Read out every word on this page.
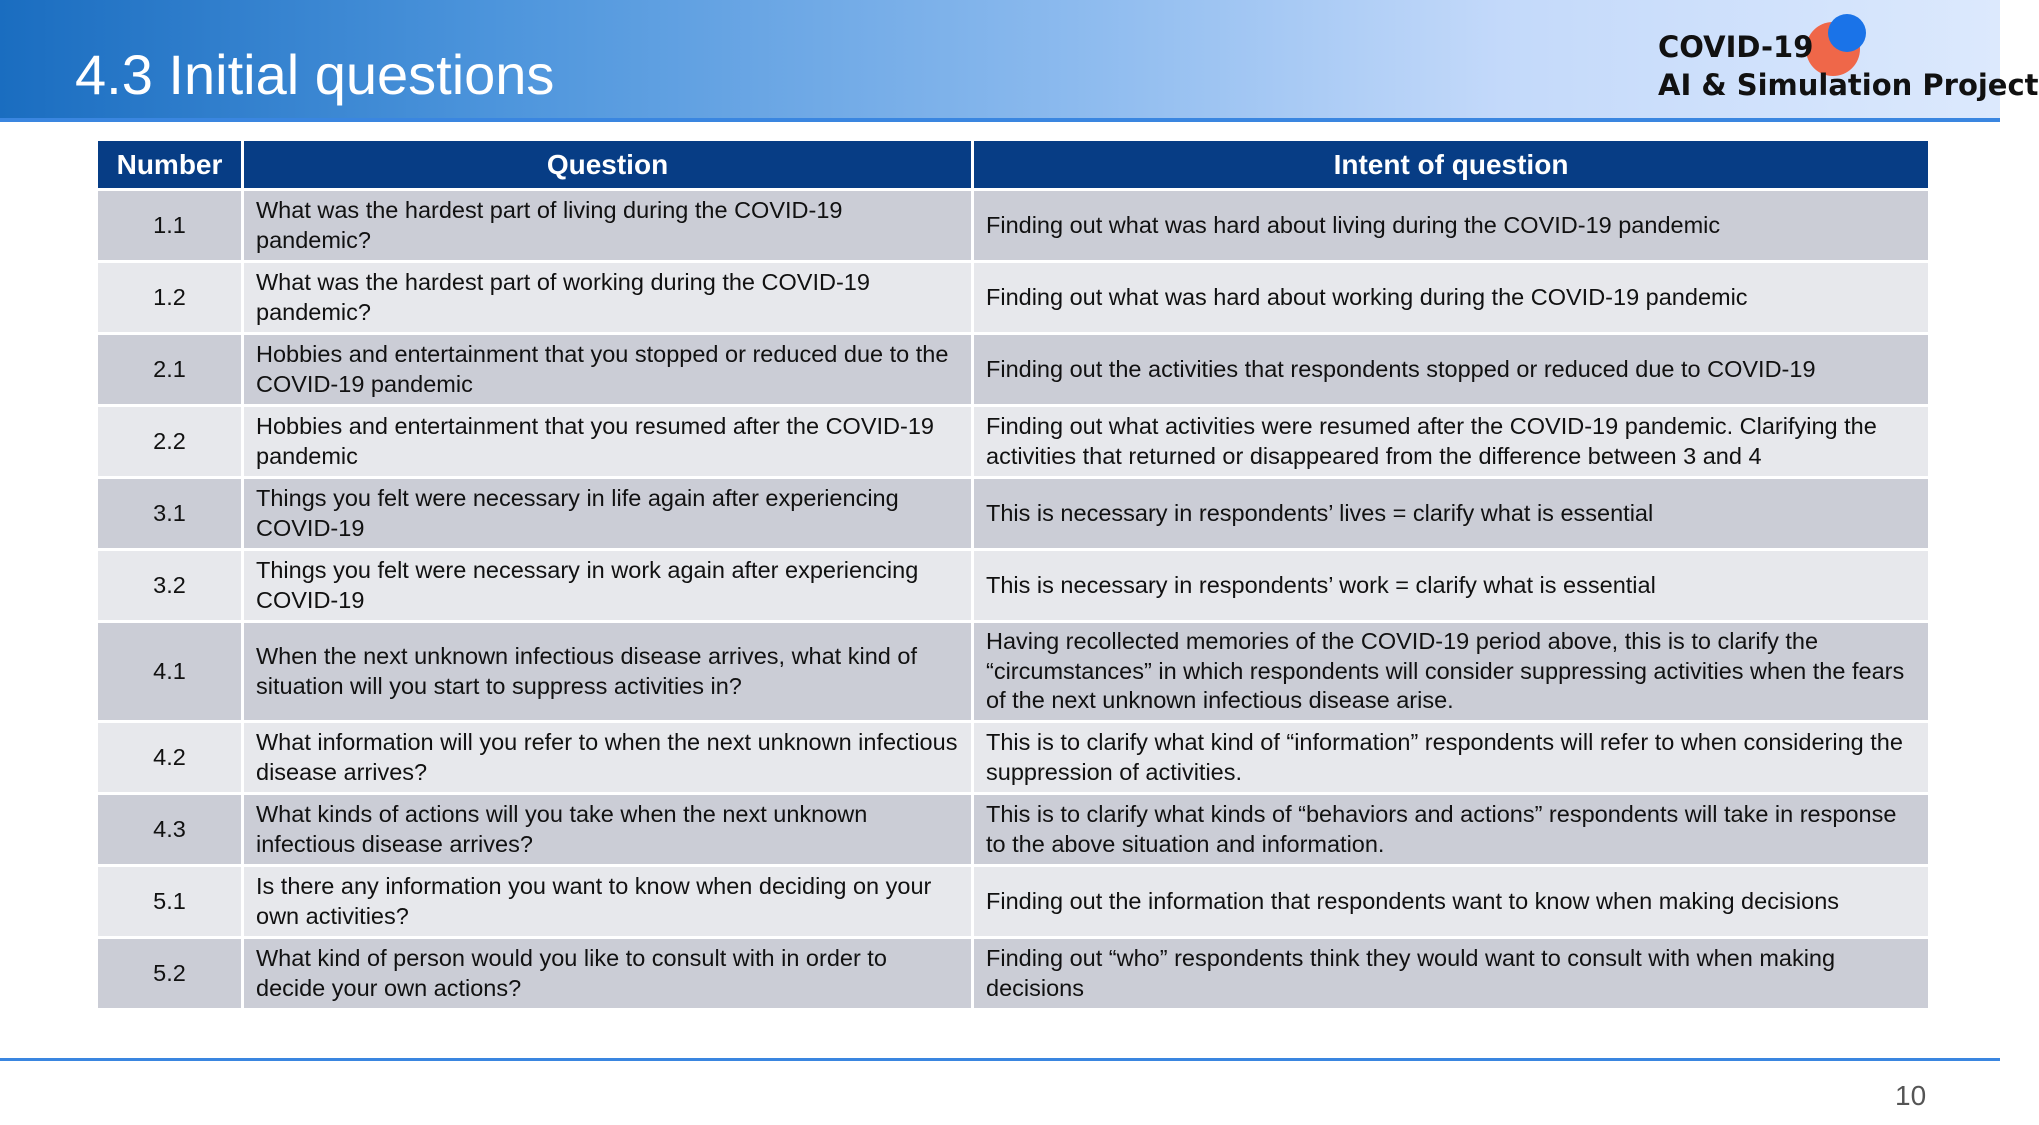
4.3 Initial questions	COVID-19
AI & Simulation Project
Number	Question	Intent of question
1.1	What was the hardest part of living during the COVID-19 pandemic?	Finding out what was hard about living during the COVID-19 pandemic
1.2	What was the hardest part of working during the COVID-19 pandemic?	Finding out what was hard about working during the COVID-19 pandemic
2.1	Hobbies and entertainment that you stopped or reduced due to the COVID-19 pandemic	Finding out the activities that respondents stopped or reduced due to COVID-19
2.2	Hobbies and entertainment that you resumed after the COVID-19 pandemic	Finding out what activities were resumed after the COVID-19 pandemic. Clarifying the activities that returned or disappeared from the difference between 3 and 4
3.1	Things you felt were necessary in life again after experiencing COVID-19	This is necessary in respondents’ lives = clarify what is essential
3.2	Things you felt were necessary in work again after experiencing COVID-19	This is necessary in respondents’ work = clarify what is essential
4.1	When the next unknown infectious disease arrives, what kind of situation will you start to suppress activities in?	Having recollected memories of the COVID-19 period above, this is to clarify the “circumstances” in which respondents will consider suppressing activities when the fears of the next unknown infectious disease arise.
4.2	What information will you refer to when the next unknown infectious disease arrives?	This is to clarify what kind of “information” respondents will refer to when considering the suppression of activities.
4.3	What kinds of actions will you take when the next unknown infectious disease arrives?	This is to clarify what kinds of “behaviors and actions” respondents will take in response to the above situation and information.
5.1	Is there any information you want to know when deciding on your own activities?	Finding out the information that respondents want to know when making decisions
5.2	What kind of person would you like to consult with in order to decide your own actions?	Finding out “who” respondents think they would want to consult with when making decisions
10
